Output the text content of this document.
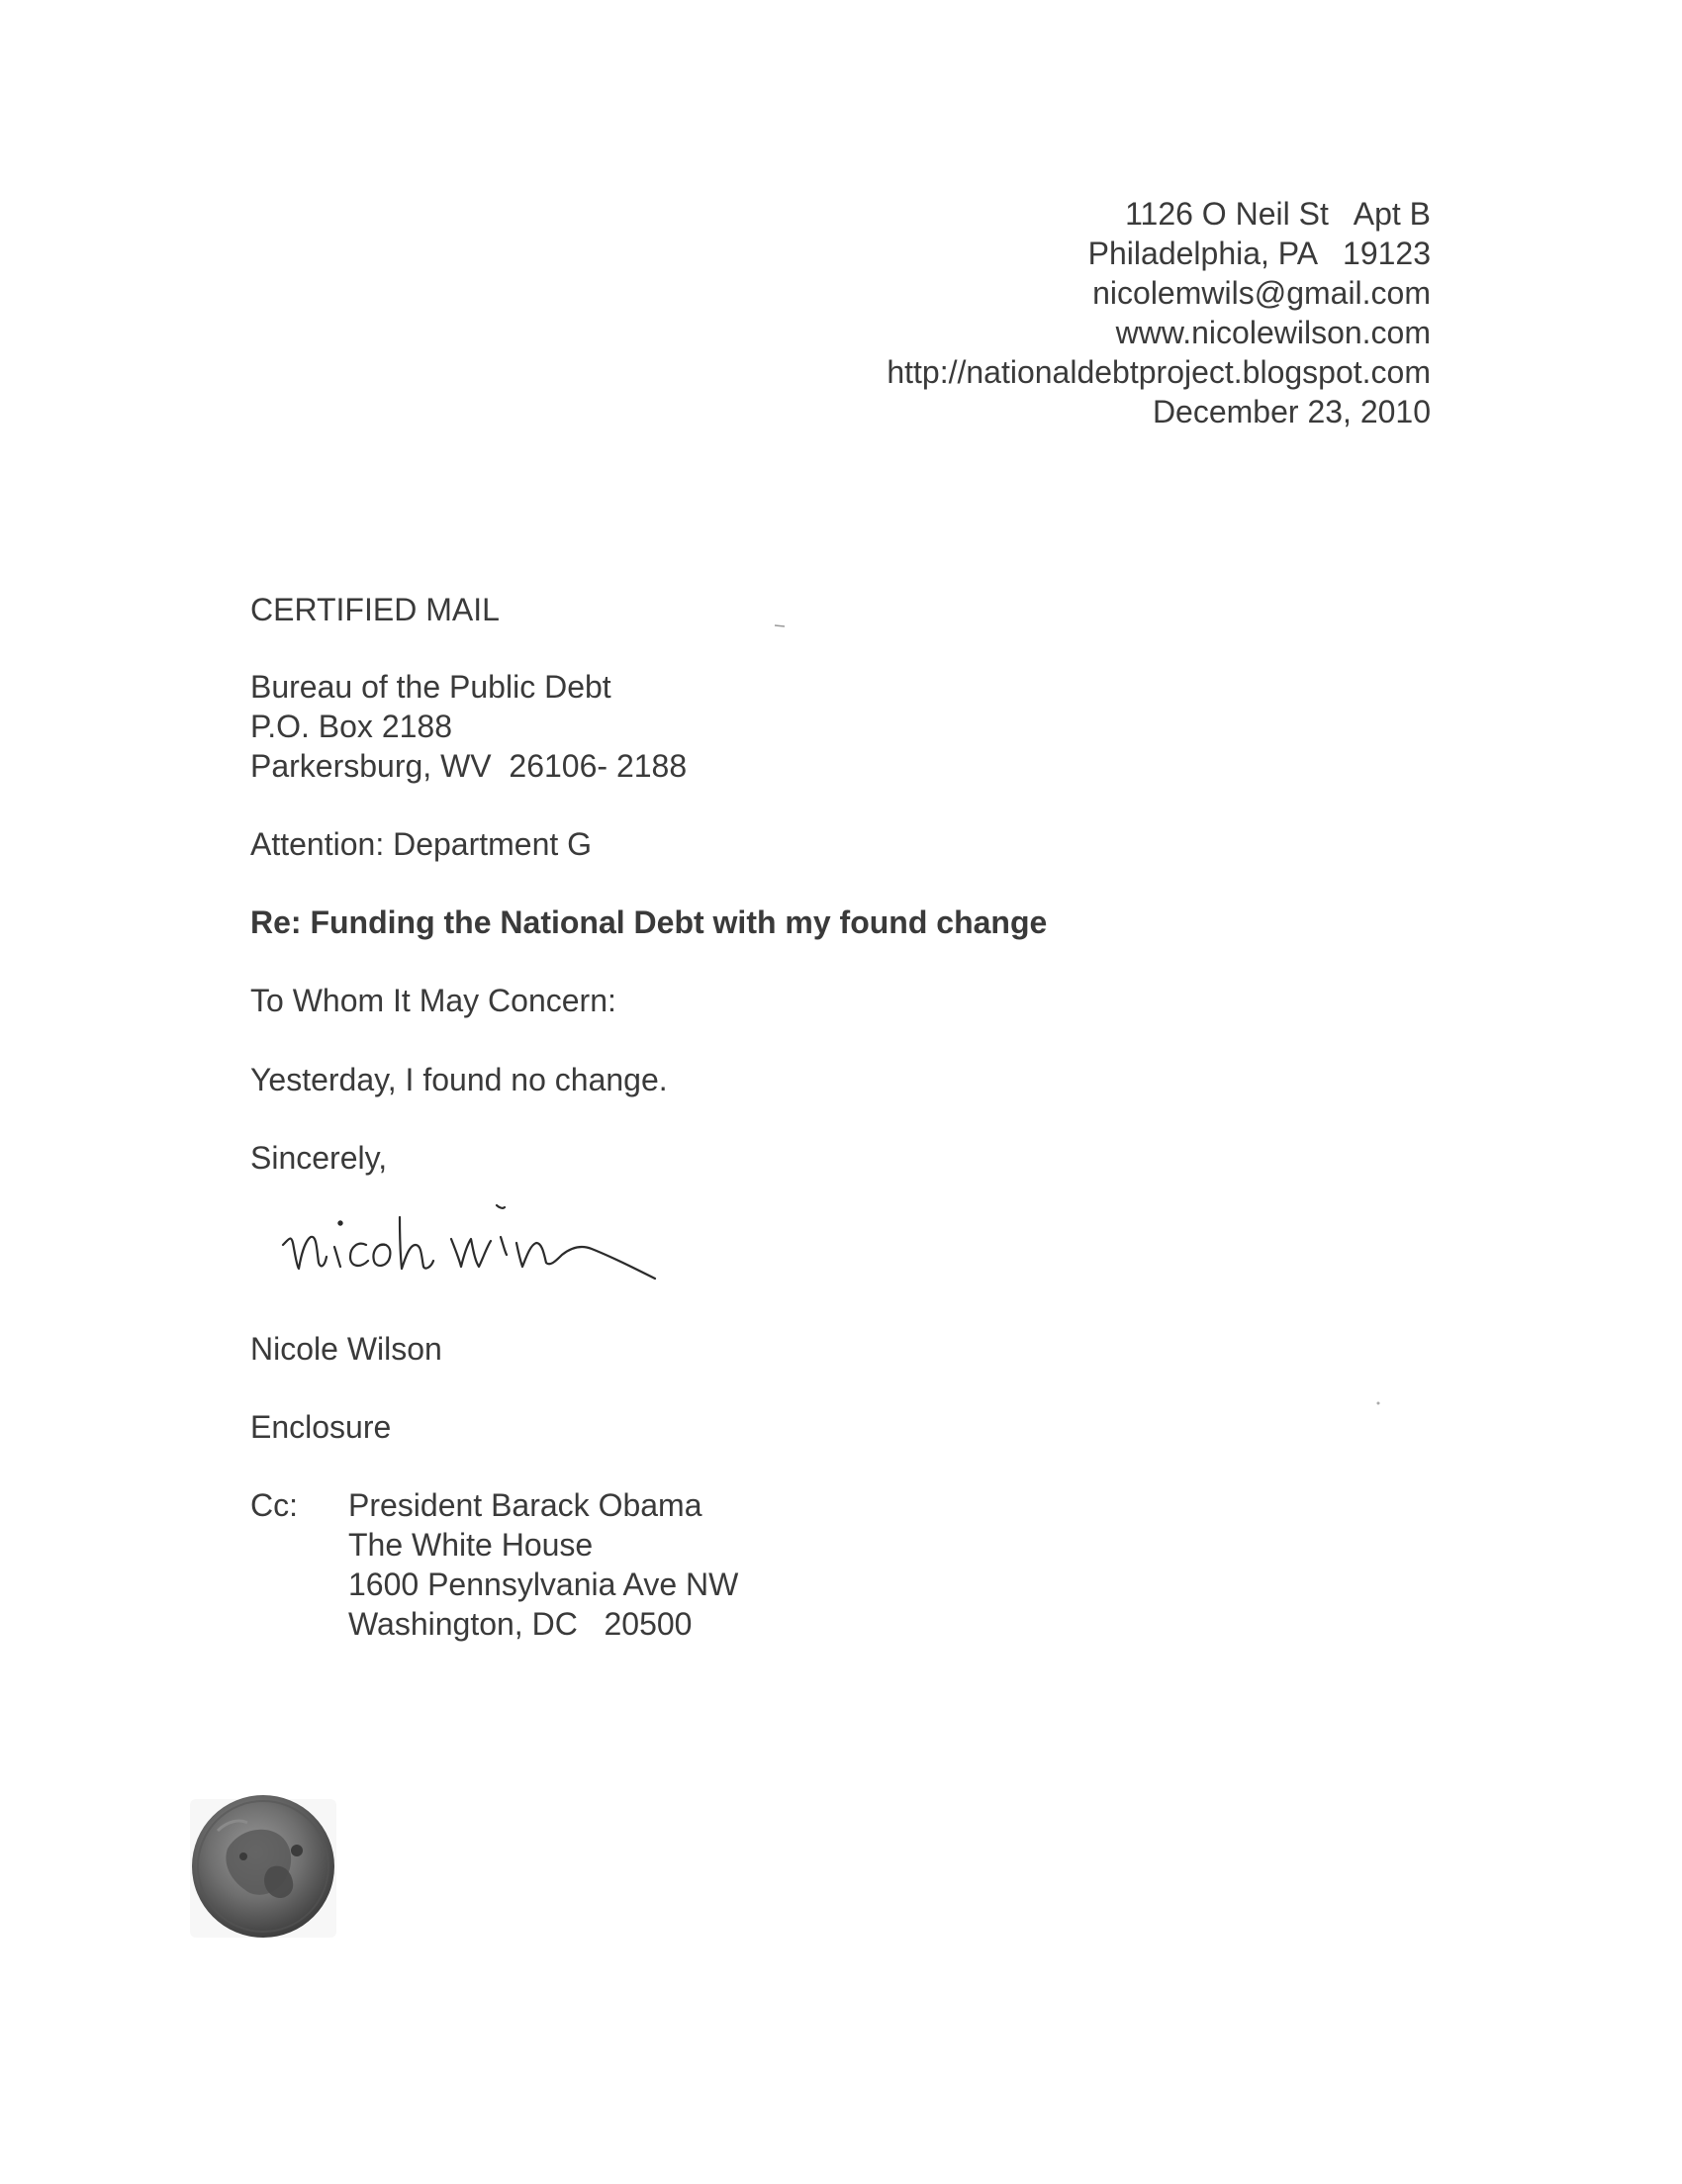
1126 O Neil St   Apt B
Philadelphia, PA   19123
nicolemwils@gmail.com
www.nicolewilson.com
http://nationaldebtproject.blogspot.com
December 23, 2010
CERTIFIED MAIL
Bureau of the Public Debt
P.O. Box 2188
Parkersburg, WV  26106- 2188
Attention: Department G
Re: Funding the National Debt with my found change
To Whom It May Concern:
Yesterday, I found no change.
Sincerely,
Nicole Wilson
Enclosure
Cc: President Barack Obama
The White House
1600 Pennsylvania Ave NW
Washington, DC   20500
